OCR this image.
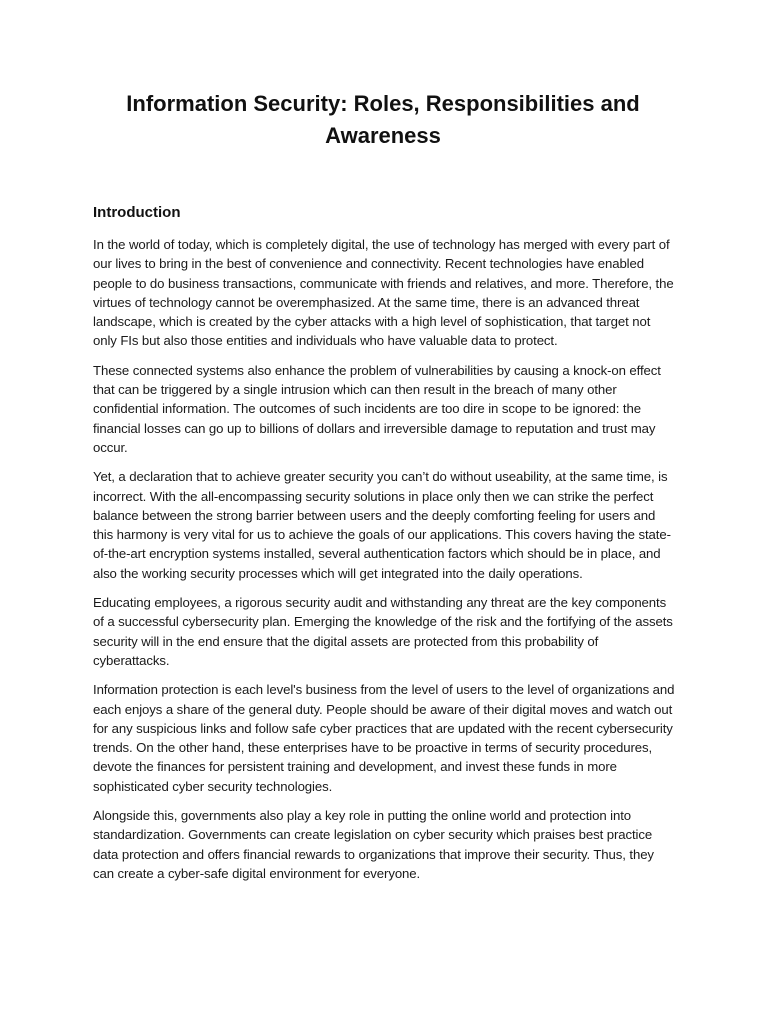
Information Security: Roles, Responsibilities and Awareness
Introduction

In the world of today, which is completely digital, the use of technology has merged with every part of our lives to bring in the best of convenience and connectivity. Recent technologies have enabled people to do business transactions, communicate with friends and relatives, and more. Therefore, the virtues of technology cannot be overemphasized. At the same time, there is an advanced threat landscape, which is created by the cyber attacks with a high level of sophistication, that target not only FIs but also those entities and individuals who have valuable data to protect.

These connected systems also enhance the problem of vulnerabilities by causing a knock-on effect that can be triggered by a single intrusion which can then result in the breach of many other confidential information. The outcomes of such incidents are too dire in scope to be ignored: the financial losses can go up to billions of dollars and irreversible damage to reputation and trust may occur.

Yet, a declaration that to achieve greater security you can’t do without useability, at the same time, is incorrect. With the all-encompassing security solutions in place only then we can strike the perfect balance between the strong barrier between users and the deeply comforting feeling for users and this harmony is very vital for us to achieve the goals of our applications. This covers having the state-of-the-art encryption systems installed, several authentication factors which should be in place, and also the working security processes which will get integrated into the daily operations.

Educating employees, a rigorous security audit and withstanding any threat are the key components of a successful cybersecurity plan. Emerging the knowledge of the risk and the fortifying of the assets security will in the end ensure that the digital assets are protected from this probability of cyberattacks.

Information protection is each level's business from the level of users to the level of organizations and each enjoys a share of the general duty. People should be aware of their digital moves and watch out for any suspicious links and follow safe cyber practices that are updated with the recent cybersecurity trends. On the other hand, these enterprises have to be proactive in terms of security procedures, devote the finances for persistent training and development, and invest these funds in more sophisticated cyber security technologies.

Alongside this, governments also play a key role in putting the online world and protection into standardization. Governments can create legislation on cyber security which praises best practice data protection and offers financial rewards to organizations that improve their security. Thus, they can create a cyber-safe digital environment for everyone.
